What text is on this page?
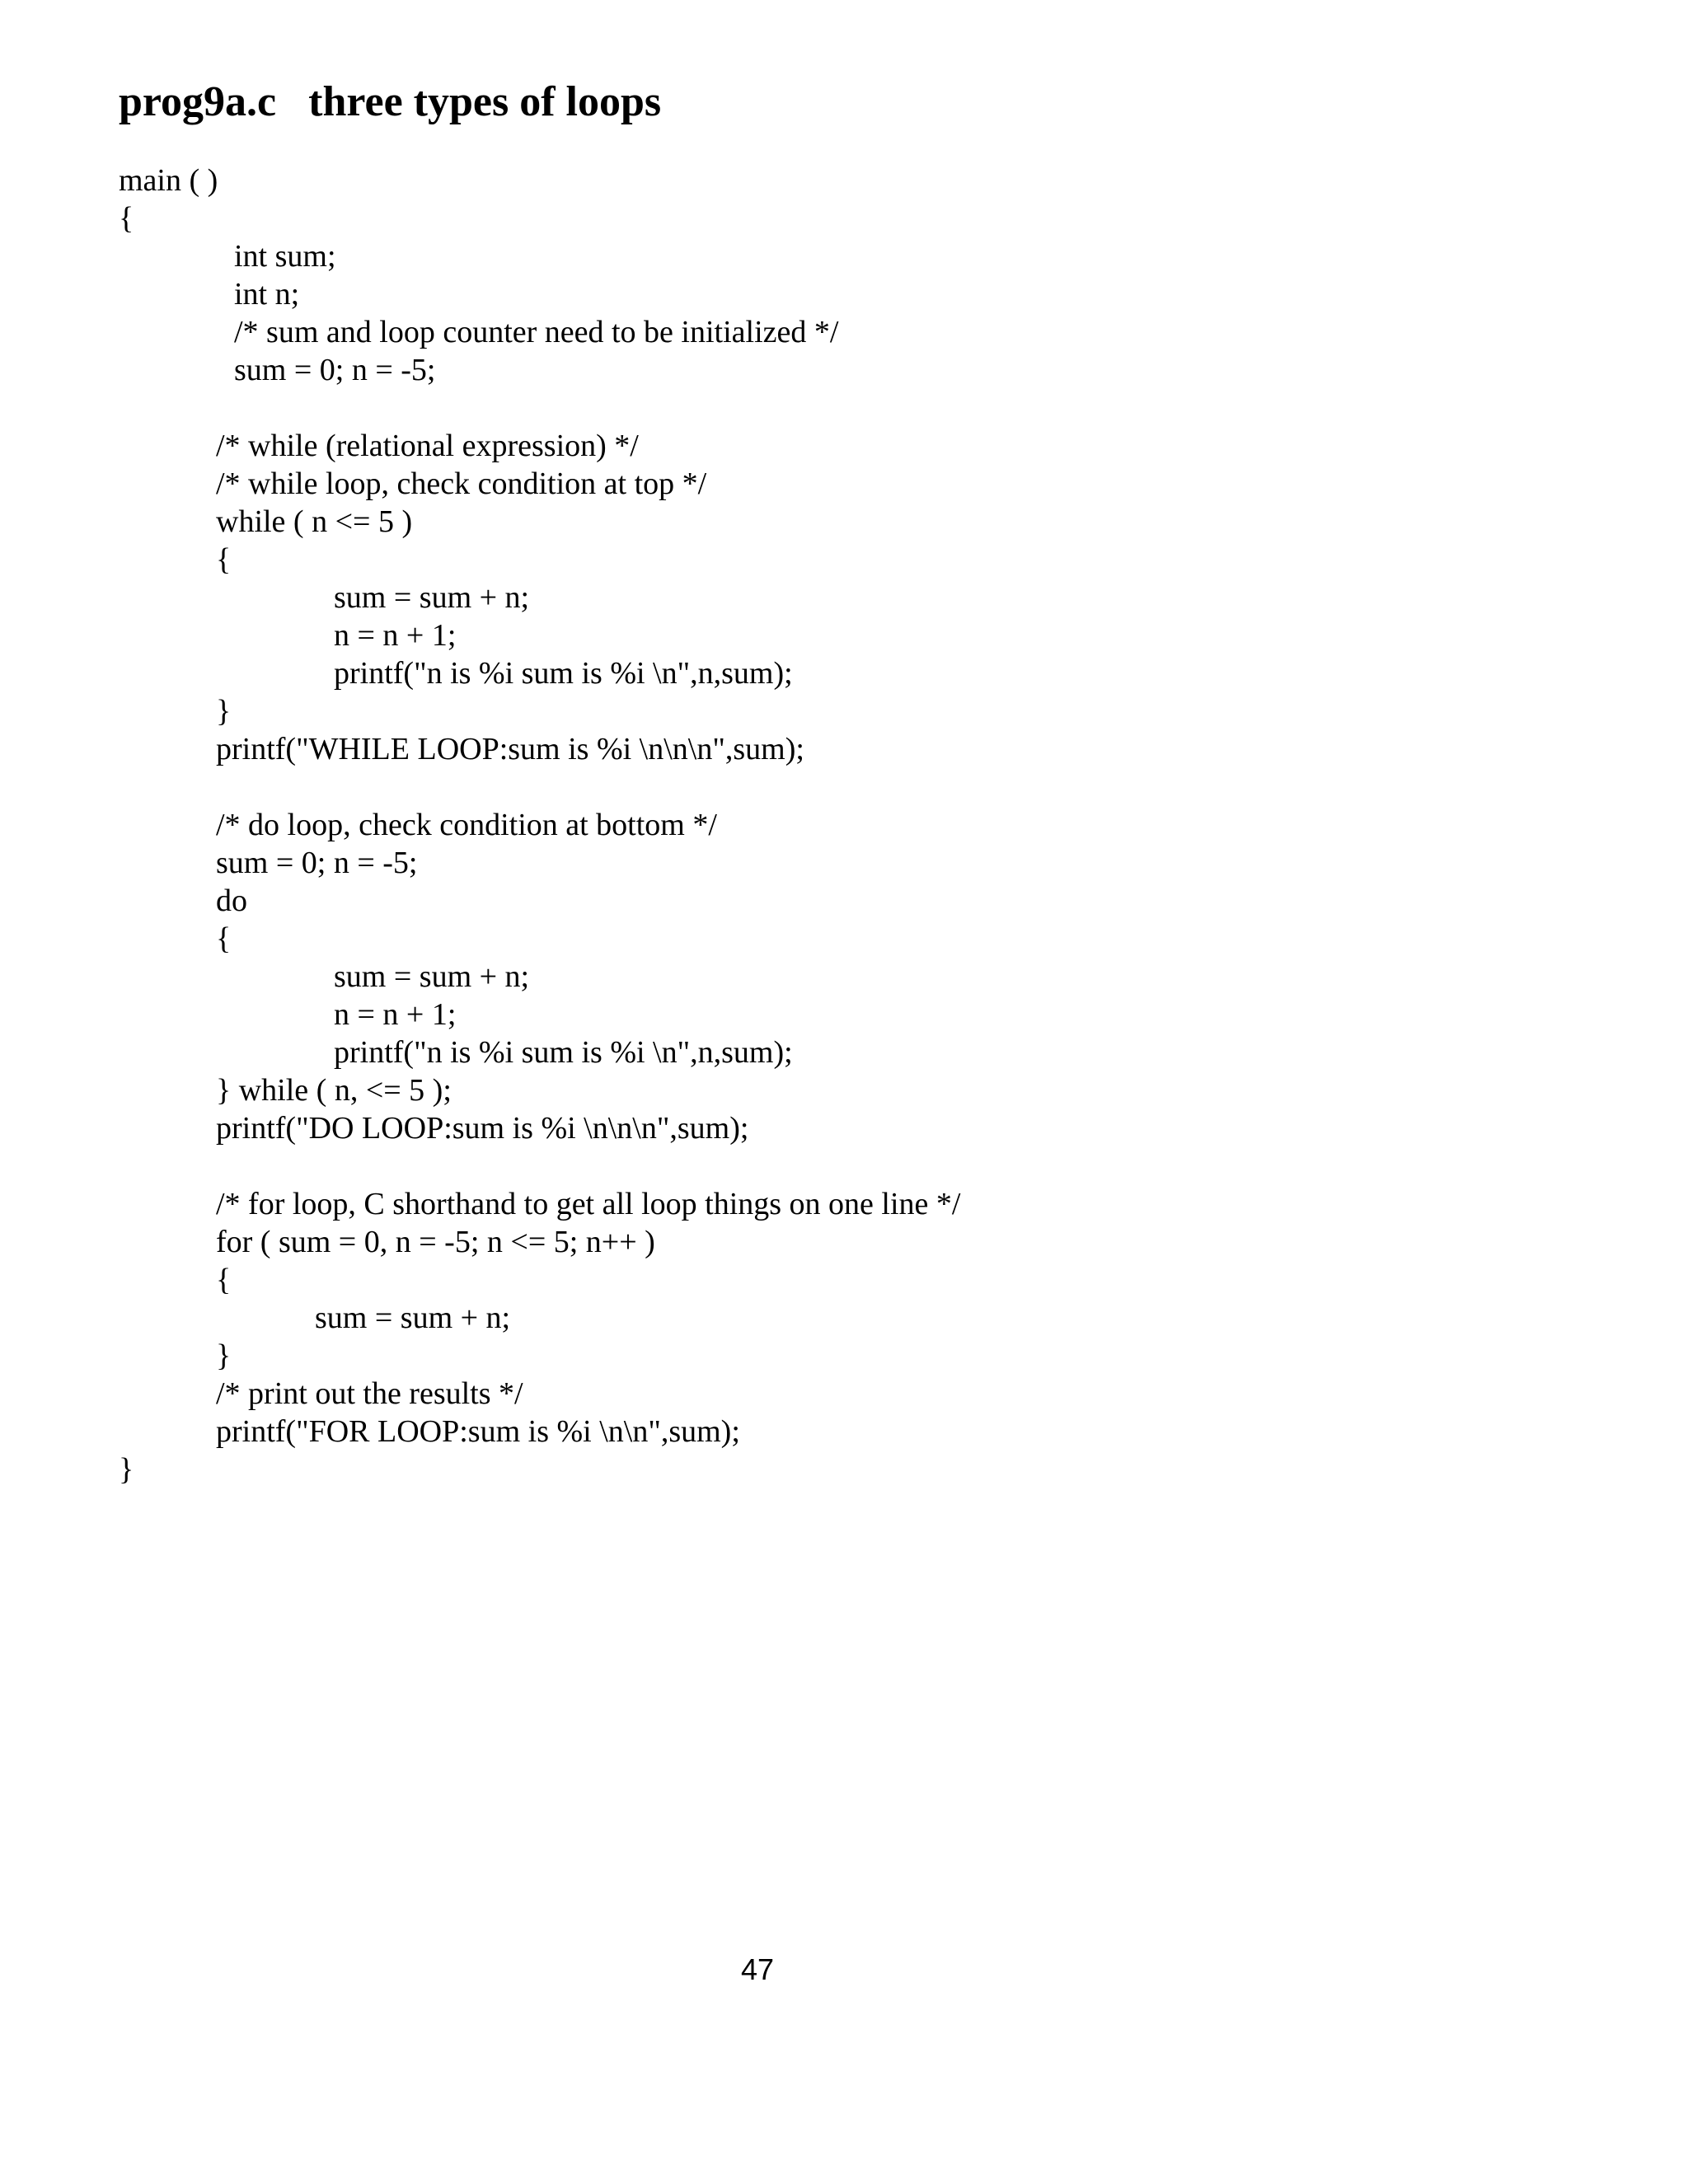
prog9a.c   three types of loops
main ( )
{
int sum;
int n;
/* sum and loop counter need to be initialized */
sum = 0; n = -5;
/* while (relational expression) */
/* while loop, check condition at top */
while ( n <= 5 )
{
sum = sum + n;
n = n + 1;
printf("n is %i sum is %i \n",n,sum);
}
printf("WHILE LOOP:sum is %i \n\n\n",sum);
/* do loop, check condition at bottom */
sum = 0; n = -5;
do
{
sum = sum + n;
n = n + 1;
printf("n is %i sum is %i \n",n,sum);
} while ( n, <= 5 );
printf("DO LOOP:sum is %i \n\n\n",sum);
/* for loop, C shorthand to get all loop things on one line */
for ( sum = 0, n = -5; n <= 5; n++ )
{
sum = sum + n;
}
/* print out the results */
printf("FOR LOOP:sum is %i \n\n",sum);
}
47
